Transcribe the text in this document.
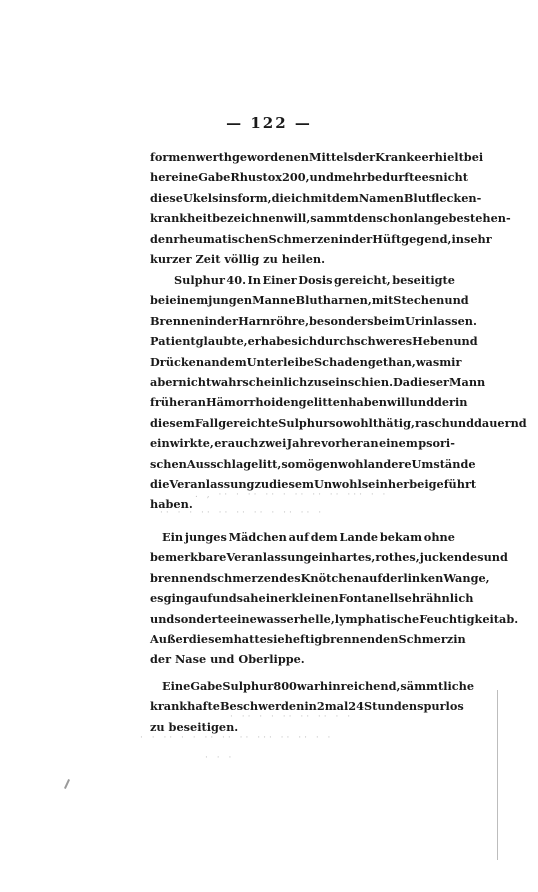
— 122 —
formen werth gewordenen Mittels der Kranke erhielt bei
her eine Gabe Rhus tox 200, und mehr bedurfte es nicht
diese Ukelsinsform, die ich mit dem Namen Blutflecken-
krankheit bezeichnen will, sammt den schon lange bestehen-
den rheumatischen Schmerzen in der Hüftgegend, in sehr
kurzer Zeit völlig zu heilen.
Sulphur 40. In Einer Dosis gereicht, beseitigte
bei einem jungen Manne Blutharnen, mit Stechen und
Brennen in der Harnröhre, besonders beim Urinlassen.
Patient glaubte, er habe sich durch schweres Heben und
Drücken an dem Unterleibe Schaden gethan, was mir
aber nicht wahrscheinlich zu sein schien. Da dieser Mann
früher an Hämorrhoiden gelitten haben will und der in
diesem Fall gereichte Sulphur so wohlthätig, rasch und dauernd
einwirkte, er auch zwei Jahre vorher an einem psori-
schen Ausschlage litt, so mögen wohl andere Umstände
die Veranlassung zu diesem Unwohlsein herbeigeführt
haben.
Ein junges Mädchen auf dem Lande bekam ohne
bemerkbare Veranlassung ein hartes, rothes, juckendes und
brennend schmerzendes Knötchen auf der linken Wange,
es ging auf und sah einer kleinen Fontanell sehr ähnlich
und sonderte eine wasserhelle, lymphatische Feuchtigkeit ab.
Außer diesem hatte sie heftig brennenden Schmerz in
der Nase und Oberlippe.
Eine Gabe Sulphur 800 war hinreichend, sämmtliche
krankhafte Beschwerden in 2 mal 24 Stunden spurlos
zu beseitigen.
. , ·· · ·· ·· · ·· ·· ·· ··· · ·
·· · · ·· ·· ·· ·· · ·· ·· ·
· ·· · · ·· ·· ·· · ·
· · ·· · · ·· ·· ·· ··· ·· ·· · ·
· · ·
